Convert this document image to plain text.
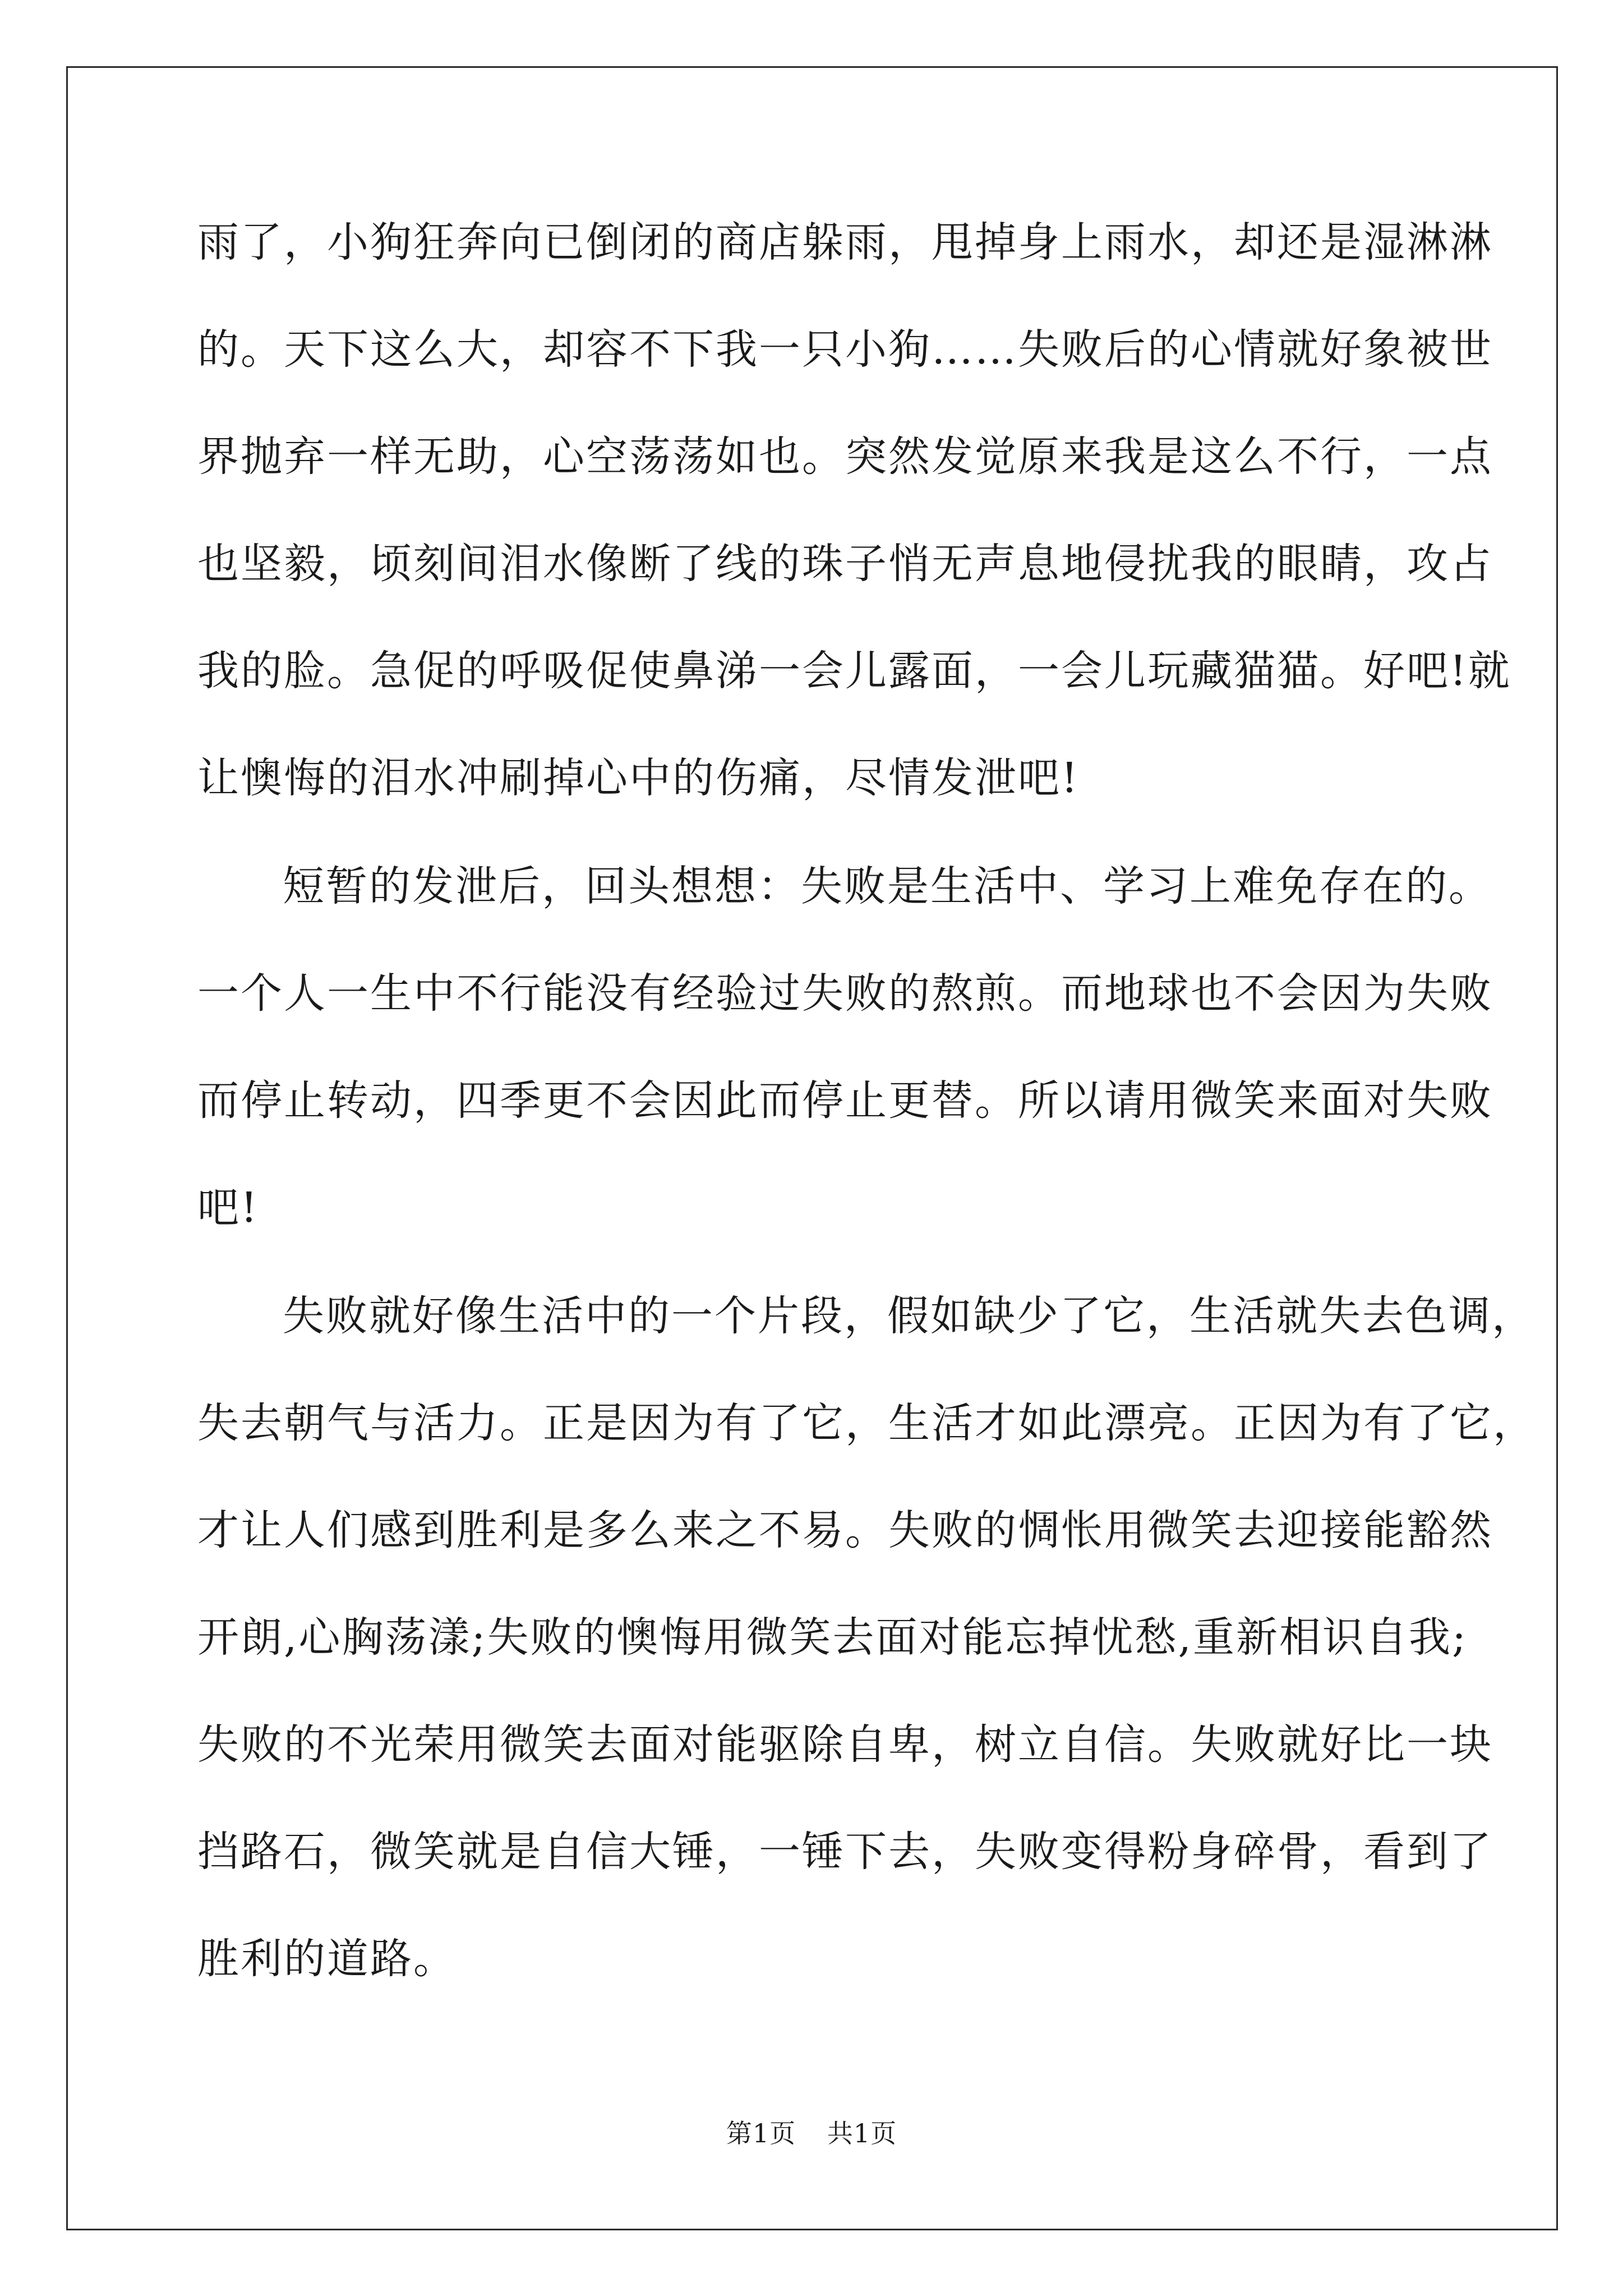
雨了，小狗狂奔向已倒闭的商店躲雨，甩掉身上雨水，却还是湿淋淋

的。天下这么大，却容不下我一只小狗……失败后的心情就好象被世

界抛弃一样无助，心空荡荡如也。突然发觉原来我是这么不行，一点

也坚毅，顷刻间泪水像断了线的珠子悄无声息地侵扰我的眼睛，攻占

我的脸。急促的呼吸促使鼻涕一会儿露面，一会儿玩藏猫猫。好吧!就

让懊悔的泪水冲刷掉心中的伤痛，尽情发泄吧!

短暂的发泄后，回头想想：失败是生活中、学习上难免存在的。

一个人一生中不行能没有经验过失败的熬煎。而地球也不会因为失败

而停止转动，四季更不会因此而停止更替。所以请用微笑来面对失败

吧!

失败就好像生活中的一个片段，假如缺少了它，生活就失去色调，

失去朝气与活力。正是因为有了它，生活才如此漂亮。正因为有了它，

才让人们感到胜利是多么来之不易。失败的惆怅用微笑去迎接能豁然

开朗,心胸荡漾;失败的懊悔用微笑去面对能忘掉忧愁,重新相识自我;

失败的不光荣用微笑去面对能驱除自卑，树立自信。失败就好比一块

挡路石，微笑就是自信大锤，一锤下去，失败变得粉身碎骨，看到了

胜利的道路。

第1页 共1页
